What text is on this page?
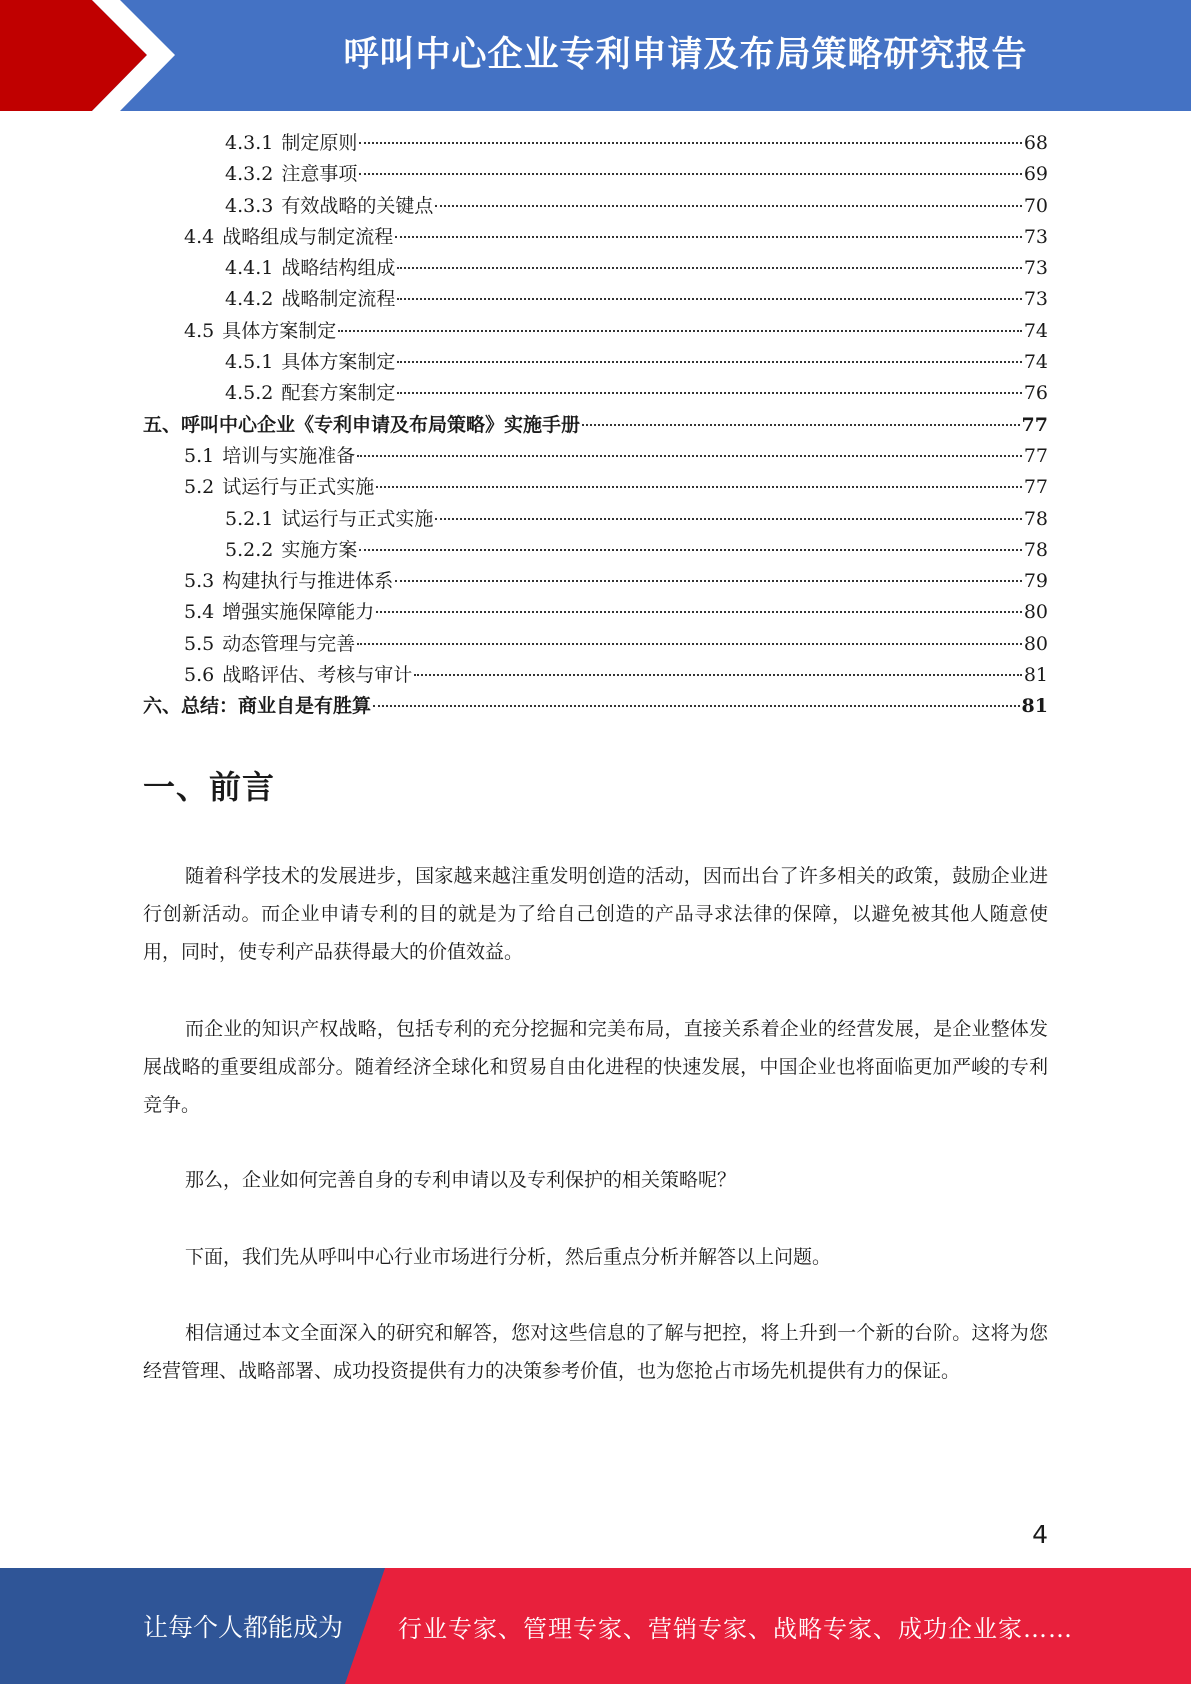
呼叫中心企业专利申请及布局策略研究报告
4.3.1 制定原则	68
4.3.2 注意事项	69
4.3.3 有效战略的关键点	70
4.4 战略组成与制定流程	73
4.4.1 战略结构组成	73
4.4.2 战略制定流程	73
4.5 具体方案制定	74
4.5.1 具体方案制定	74
4.5.2 配套方案制定	76
五、呼叫中心企业《专利申请及布局策略》实施手册	77
5.1 培训与实施准备	77
5.2 试运行与正式实施	77
5.2.1 试运行与正式实施	78
5.2.2 实施方案	78
5.3 构建执行与推进体系	79
5.4 增强实施保障能力	80
5.5 动态管理与完善	80
5.6 战略评估、考核与审计	81
六、总结：商业自是有胜算	81
一、前言

随着科学技术的发展进步，国家越来越注重发明创造的活动，因而出台了许多相关的政策，鼓励企业进行创新活动。而企业申请专利的目的就是为了给自己创造的产品寻求法律的保障，以避免被其他人随意使用，同时，使专利产品获得最大的价值效益。

而企业的知识产权战略，包括专利的充分挖掘和完美布局，直接关系着企业的经营发展，是企业整体发展战略的重要组成部分。随着经济全球化和贸易自由化进程的快速发展，中国企业也将面临更加严峻的专利竞争。

那么，企业如何完善自身的专利申请以及专利保护的相关策略呢？

下面，我们先从呼叫中心行业市场进行分析，然后重点分析并解答以上问题。

相信通过本文全面深入的研究和解答，您对这些信息的了解与把控，将上升到一个新的台阶。这将为您经营管理、战略部署、成功投资提供有力的决策参考价值，也为您抢占市场先机提供有力的保证。

4
让每个人都能成为 行业专家、管理专家、营销专家、战略专家、成功企业家……
